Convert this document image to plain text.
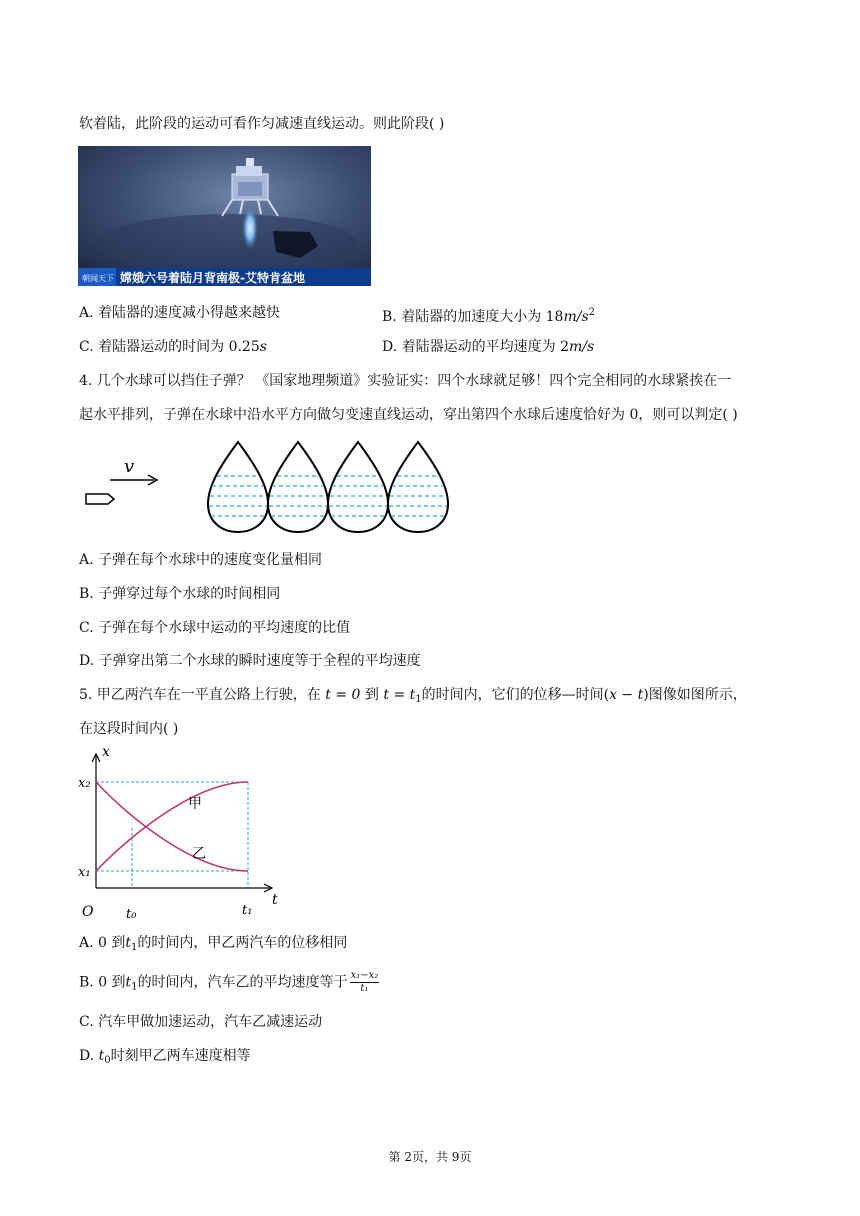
软着陆，此阶段的运动可看作匀减速直线运动。则此阶段( )
朝闻天下 嫦娥六号着陆月背南极-艾特肯盆地
A. 着陆器的速度减小得越来越快	B. 着陆器的加速度大小为 $18m/s^2$
C. 着陆器运动的时间为 0.25s	D. 着陆器运动的平均速度为 2m/s
4. 几个水球可以挡住子弹？ 《国家地理频道》实验证实：四个水球就足够！四个完全相同的水球紧挨在一
起水平排列，子弹在水球中沿水平方向做匀变速直线运动，穿出第四个水球后速度恰好为 0，则可以判定( )
v
A. 子弹在每个水球中的速度变化量相同
B. 子弹穿过每个水球的时间相同
C. 子弹在每个水球中运动的平均速度的比值
D. 子弹穿出第二个水球的瞬时速度等于全程的平均速度
5. 甲乙两汽车在一平直公路上行驶，在 t = 0 到 $t = t_1$的时间内，它们的位移—时间(x − t)图像如图所示，
在这段时间内( )
x
t
O
x₂
x₁
t₀	t₁
甲
乙
A. 0 到$t_1$的时间内，甲乙两汽车的位移相同
B. 0 到$t_1$的时间内，汽车乙的平均速度等于 $\frac{\text{x₁−x₂}}{\text{t₁}}$
C. 汽车甲做加速运动，汽车乙减速运动
D. $t_0$时刻甲乙两车速度相等
第 2页，共 9页
